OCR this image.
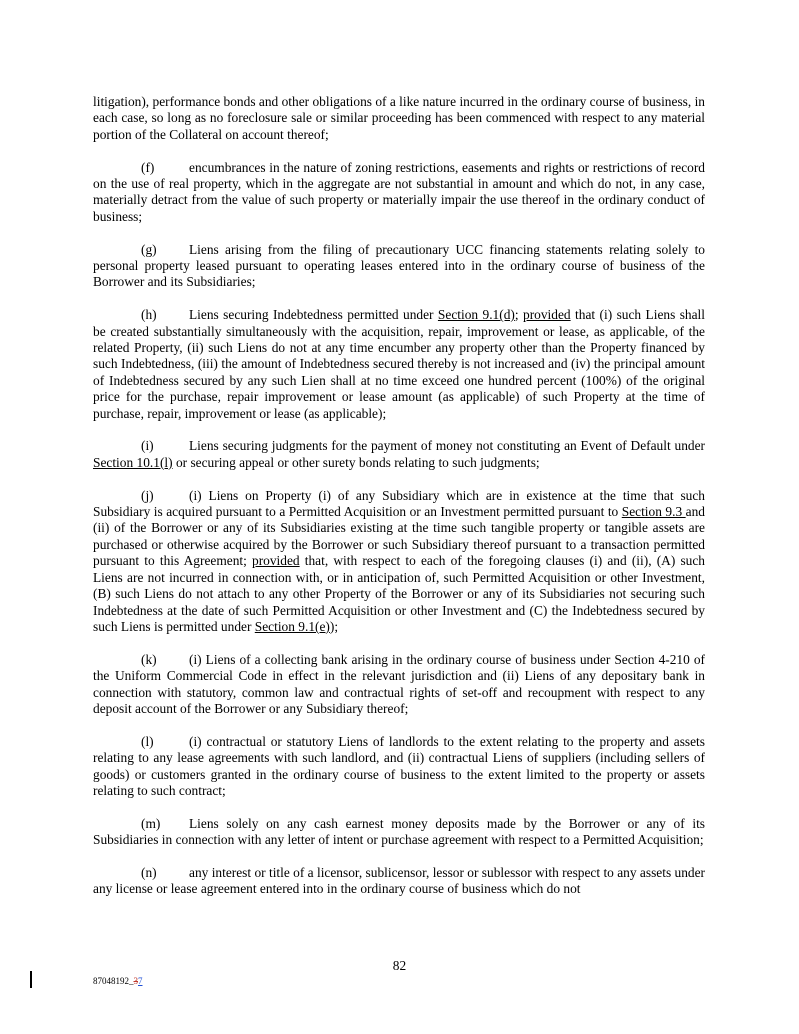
litigation), performance bonds and other obligations of a like nature incurred in the ordinary course of business, in each case, so long as no foreclosure sale or similar proceeding has been commenced with respect to any material portion of the Collateral on account thereof;

(f)	encumbrances in the nature of zoning restrictions, easements and rights or restrictions of record on the use of real property, which in the aggregate are not substantial in amount and which do not, in any case, materially detract from the value of such property or materially impair the use thereof in the ordinary conduct of business;

(g) Liens arising from the filing of precautionary UCC financing statements relating solely to personal property leased pursuant to operating leases entered into in the ordinary course of business of the Borrower and its Subsidiaries;

(h) Liens securing Indebtedness permitted under Section 9.1(d); provided that (i) such Liens shall be created substantially simultaneously with the acquisition, repair, improvement or lease, as applicable, of the related Property, (ii) such Liens do not at any time encumber any property other than the Property financed by such Indebtedness, (iii) the amount of Indebtedness secured thereby is not increased and (iv) the principal amount of Indebtedness secured by any such Lien shall at no time exceed one hundred percent (100%) of the original price for the purchase, repair improvement or lease amount (as applicable) of such Property at the time of purchase, repair, improvement or lease (as applicable);

(i)	Liens securing judgments for the payment of money not constituting an Event of Default under Section 10.1(l) or securing appeal or other surety bonds relating to such judgments;

(j)	(i) Liens on Property (i) of any Subsidiary which are in existence at the time that such Subsidiary is acquired pursuant to a Permitted Acquisition or an Investment permitted pursuant to Section 9.3 and (ii) of the Borrower or any of its Subsidiaries existing at the time such tangible property or tangible assets are purchased or otherwise acquired by the Borrower or such Subsidiary thereof pursuant to a transaction permitted pursuant to this Agreement; provided that, with respect to each of the foregoing clauses (i) and (ii), (A) such Liens are not incurred in connection with, or in anticipation of, such Permitted Acquisition or other Investment, (B) such Liens do not attach to any other Property of the Borrower or any of its Subsidiaries not securing such Indebtedness at the date of such Permitted Acquisition or other Investment and (C) the Indebtedness secured by such Liens is permitted under Section 9.1(e));

(k) (i) Liens of a collecting bank arising in the ordinary course of business under Section 4-210 of the Uniform Commercial Code in effect in the relevant jurisdiction and (ii) Liens of any depositary bank in connection with statutory, common law and contractual rights of set-off and recoupment with respect to any deposit account of the Borrower or any Subsidiary thereof;

(l)	(i) contractual or statutory Liens of landlords to the extent relating to the property and assets relating to any lease agreements with such landlord, and (ii) contractual Liens of suppliers (including sellers of goods) or customers granted in the ordinary course of business to the extent limited to the property or assets relating to such contract;

(m) Liens solely on any cash earnest money deposits made by the Borrower or any of its Subsidiaries in connection with any letter of intent or purchase agreement with respect to a Permitted Acquisition;

(n) any interest or title of a licensor, sublicensor, lessor or sublessor with respect to any assets under any license or lease agreement entered into in the ordinary course of business which do not

82
87048192_37
